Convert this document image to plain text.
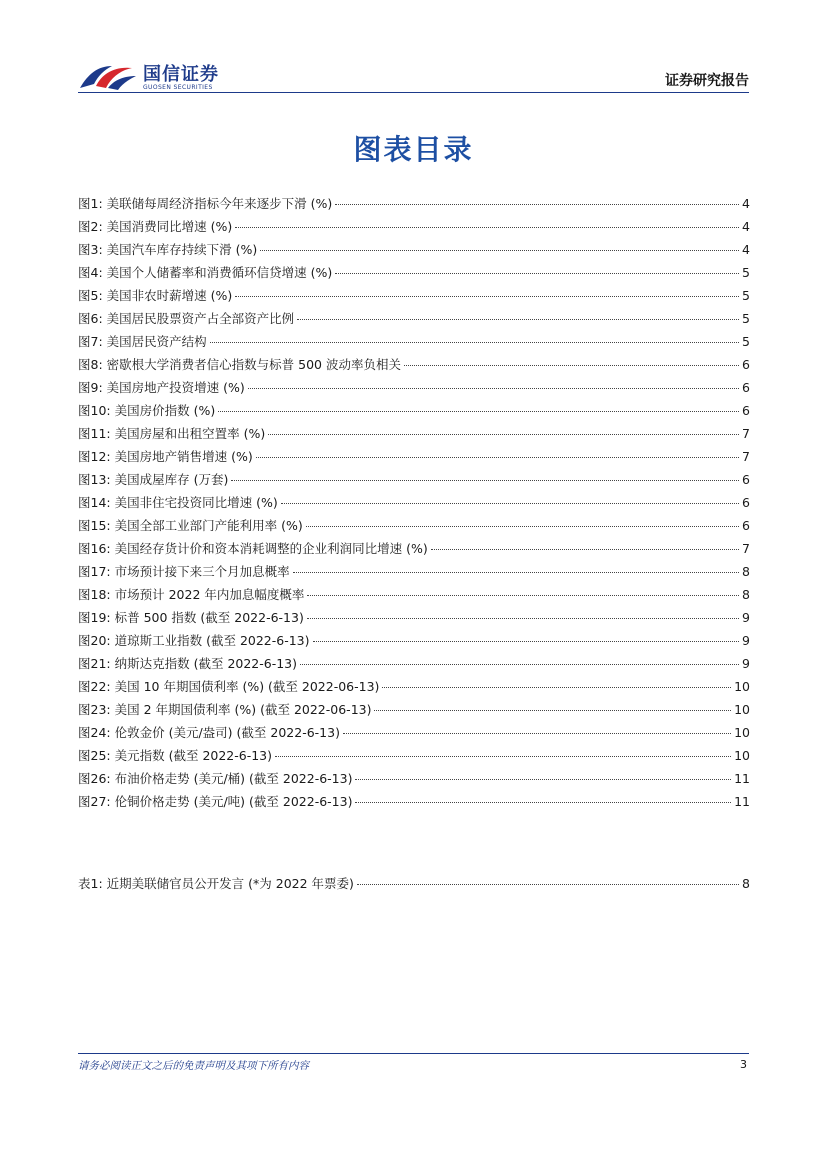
国信证券
GUOSEN SECURITIES	证券研究报告
图表目录
图1: 美联储每周经济指标今年来逐步下滑 (%)	4
图2: 美国消费同比增速 (%)	4
图3: 美国汽车库存持续下滑 (%)	4
图4: 美国个人储蓄率和消费循环信贷增速 (%)	5
图5: 美国非农时薪增速 (%)	5
图6: 美国居民股票资产占全部资产比例	5
图7: 美国居民资产结构	5
图8: 密歇根大学消费者信心指数与标普 500 波动率负相关	6
图9: 美国房地产投资增速 (%)	6
图10: 美国房价指数 (%)	6
图11: 美国房屋和出租空置率 (%)	7
图12: 美国房地产销售增速 (%)	7
图13: 美国成屋库存 (万套)	6
图14: 美国非住宅投资同比增速 (%)	6
图15: 美国全部工业部门产能利用率 (%)	6
图16: 美国经存货计价和资本消耗调整的企业利润同比增速 (%)	7
图17: 市场预计接下来三个月加息概率	8
图18: 市场预计 2022 年内加息幅度概率	8
图19: 标普 500 指数 (截至 2022-6-13)	9
图20: 道琼斯工业指数 (截至 2022-6-13)	9
图21: 纳斯达克指数 (截至 2022-6-13)	9
图22: 美国 10 年期国债利率 (%) (截至 2022-06-13)	10
图23: 美国 2 年期国债利率 (%) (截至 2022-06-13)	10
图24: 伦敦金价 (美元/盎司) (截至 2022-6-13)	10
图25: 美元指数 (截至 2022-6-13)	10
图26: 布油价格走势 (美元/桶) (截至 2022-6-13)	11
图27: 伦铜价格走势 (美元/吨) (截至 2022-6-13)	11
表1: 近期美联储官员公开发言 (*为 2022 年票委)	8
请务必阅读正文之后的免责声明及其项下所有内容	3
